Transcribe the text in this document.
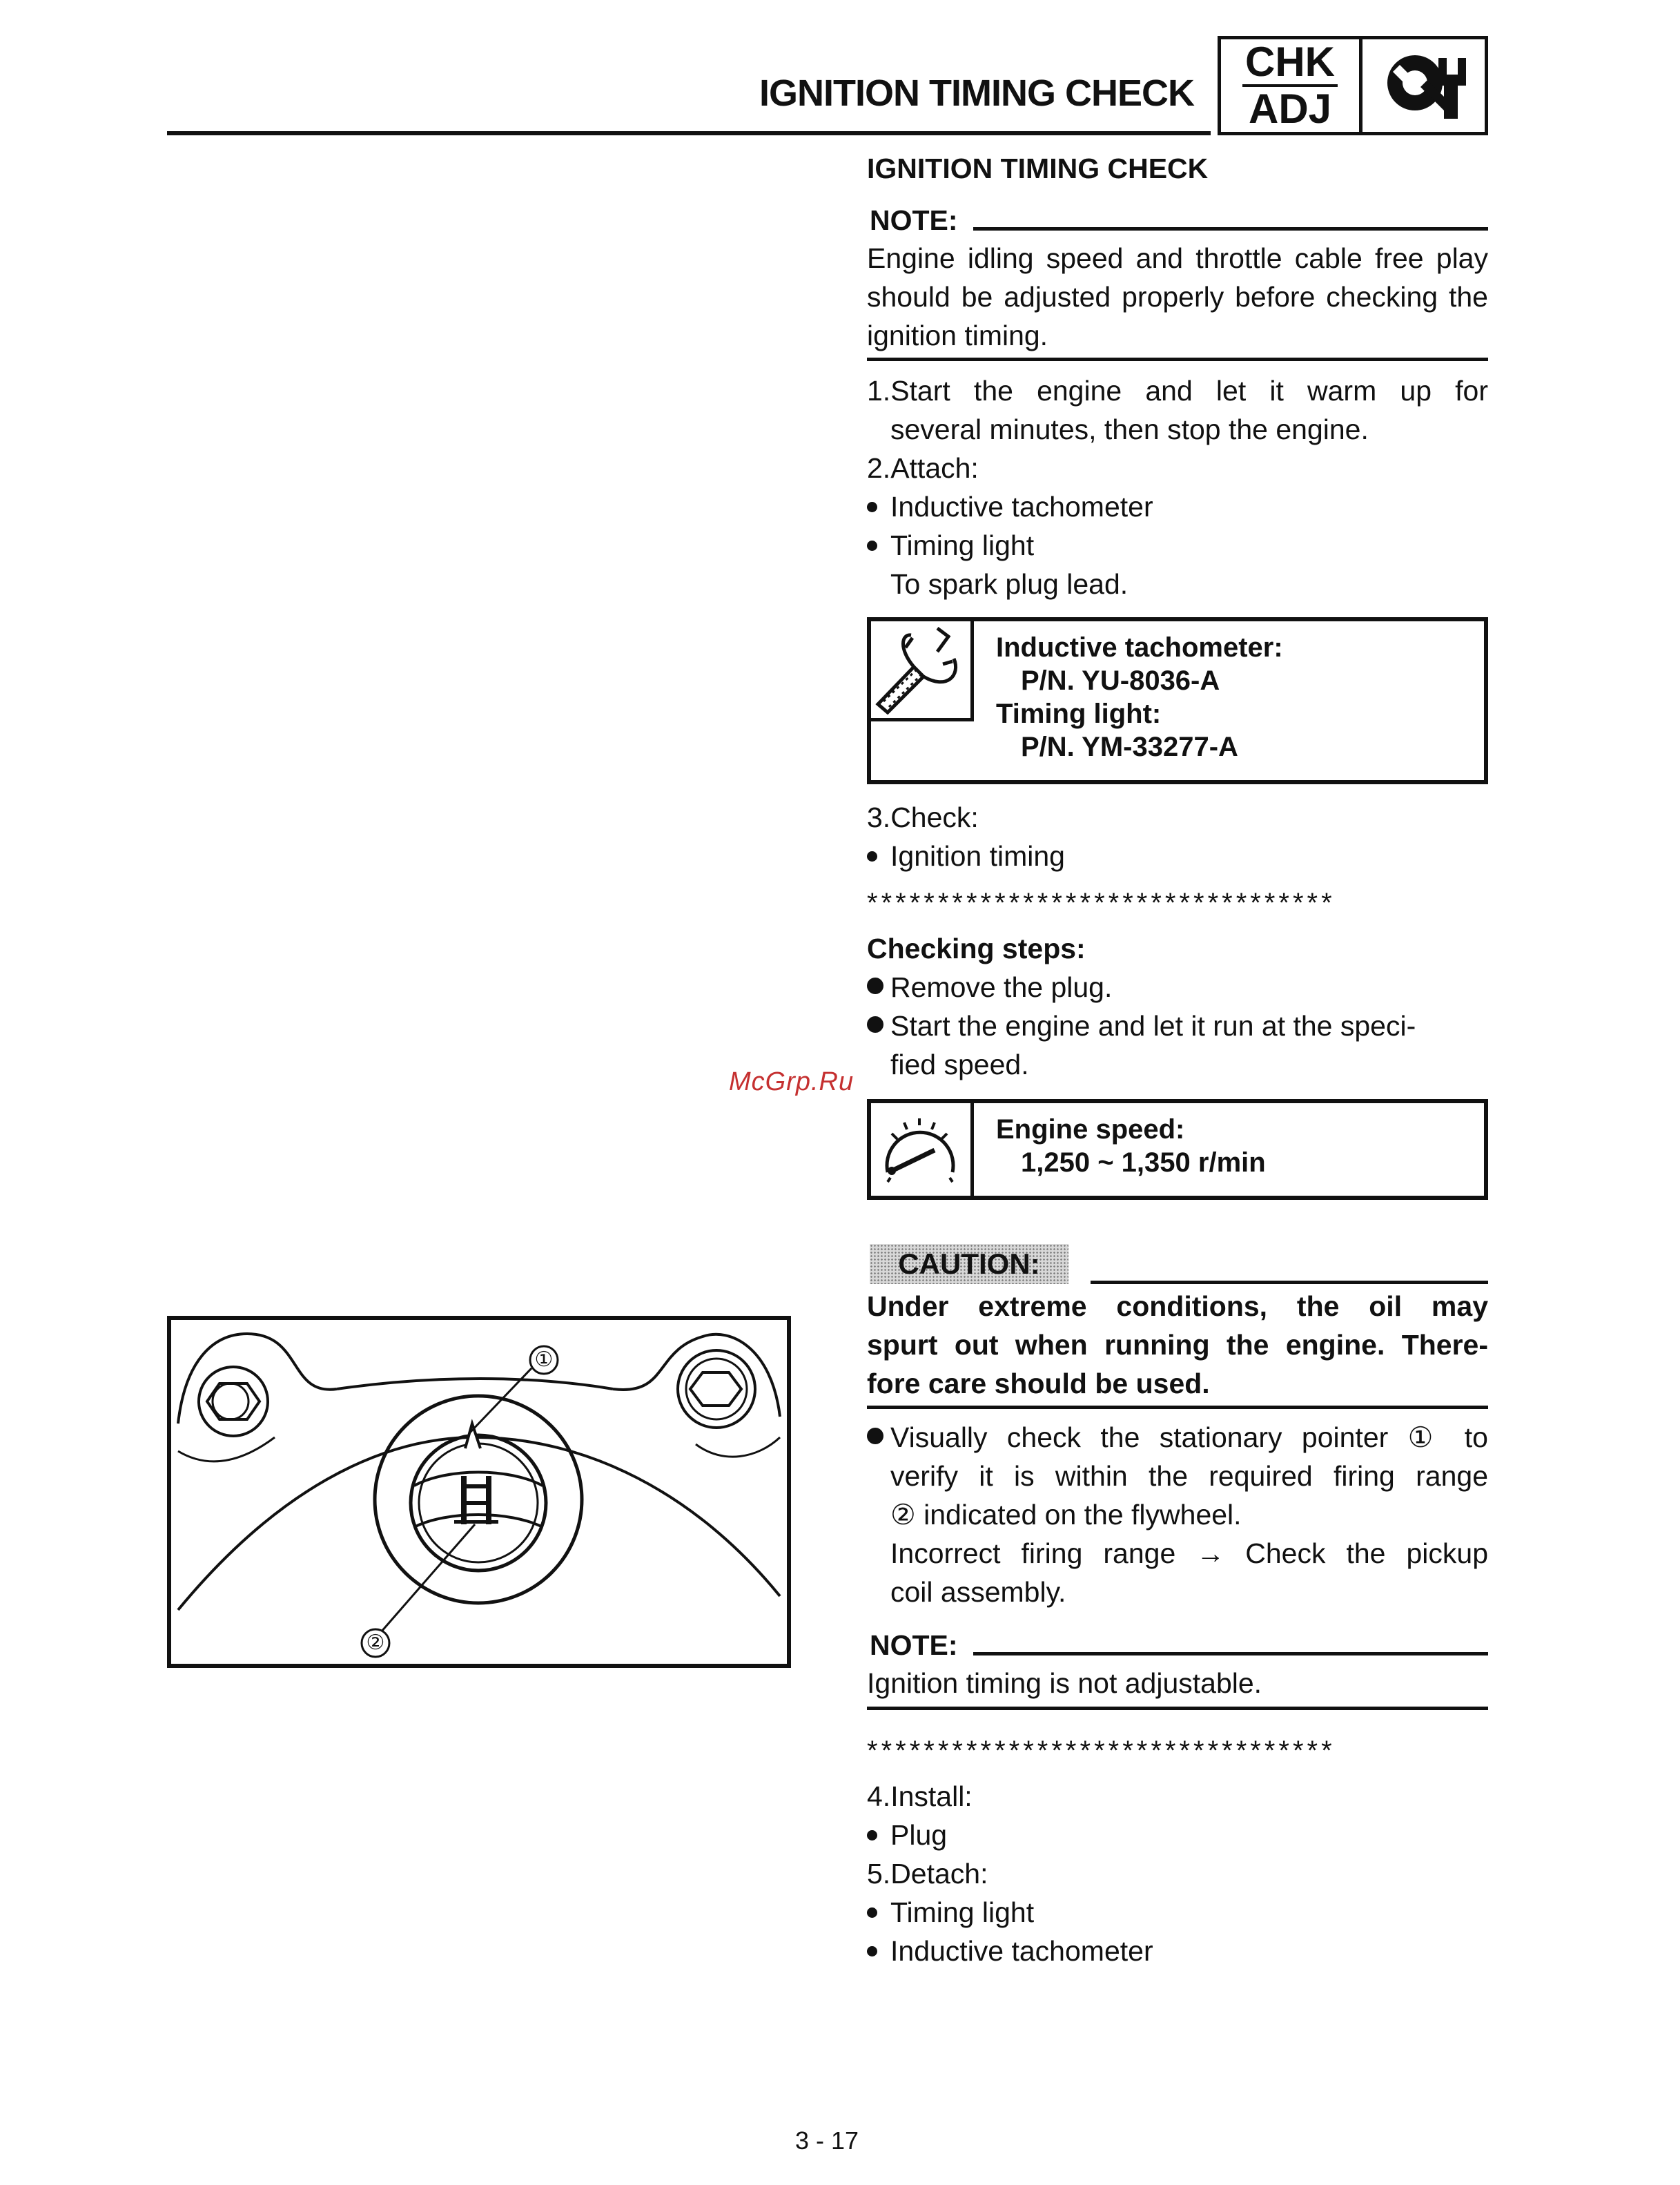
IGNITION TIMING CHECK
CHK
ADJ
IGNITION TIMING CHECK
NOTE:
Engine idling speed and throttle cable free play should be adjusted properly before checking the ignition timing.
1.Start the engine and let it warm up for
several minutes, then stop the engine.
2.Attach:
Inductive tachometer
Timing light
To spark plug lead.
Inductive tachometer:
P/N. YU-8036-A
Timing light:
P/N. YM-33277-A
3.Check:
Ignition timing
*********************************
Checking steps:
Remove the plug.
Start the engine and let it run at the speci-
fied speed.
McGrp.Ru
Engine speed:
1,250 ~ 1,350 r/min
CAUTION:
Under extreme conditions, the oil may
spurt out when running the engine. There-
fore care should be used.
Visually check the stationary pointer ① to
verify it is within the required firing range
② indicated on the flywheel.
Incorrect firing range → Check the pickup
coil assembly.
NOTE:
Ignition timing is not adjustable.
*********************************
4.Install:
Plug
5.Detach:
Timing light
Inductive tachometer
①
②
3 - 17
